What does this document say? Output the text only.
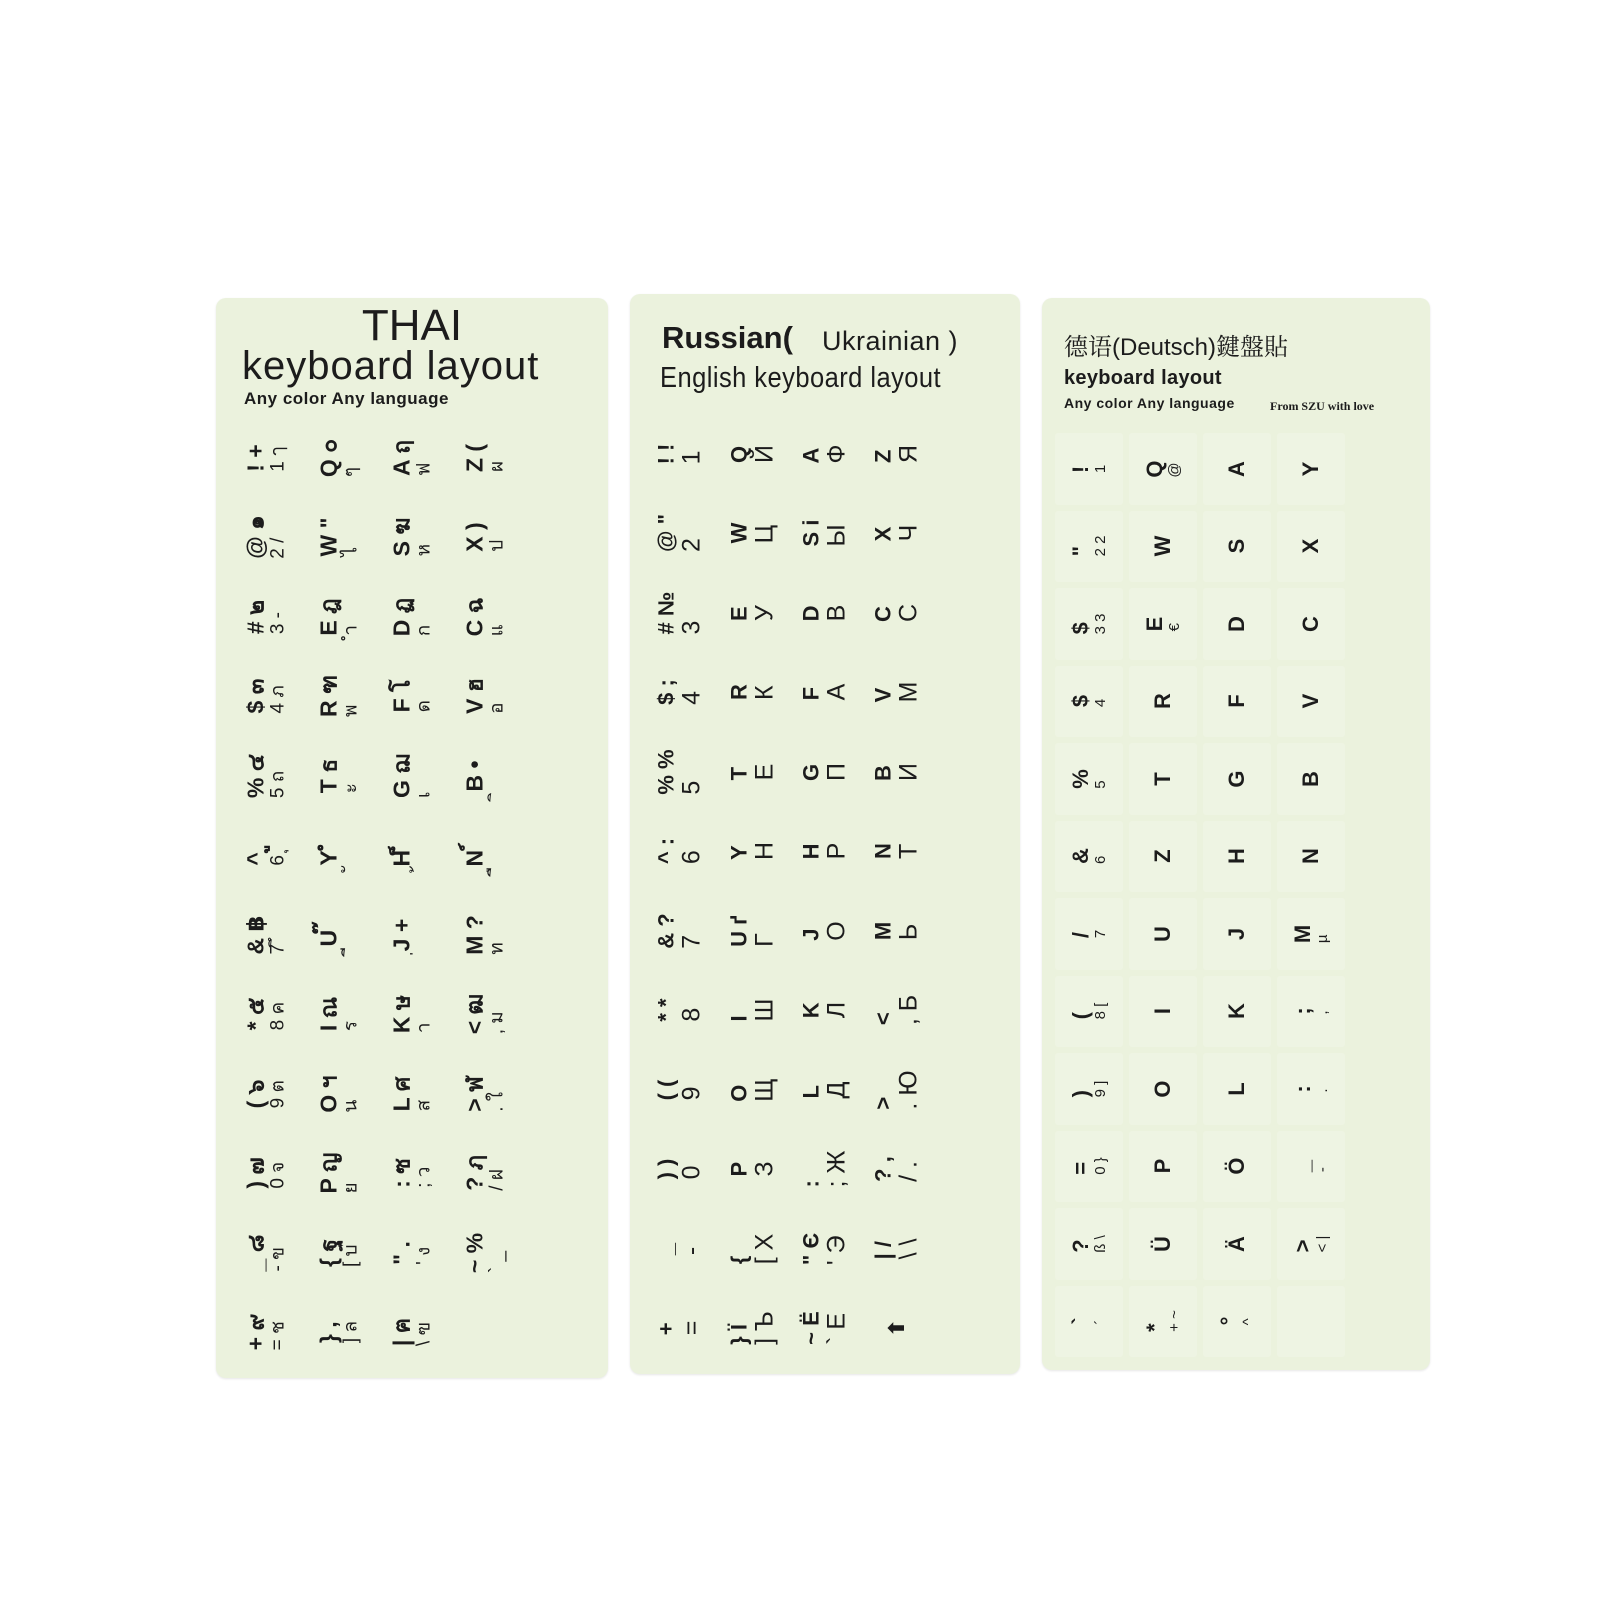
THAI
keyboard layout
Any color Any language
! +
1 ๅ
@ ๑
2 /
# ๒
3 -
$ ๓
4 ภ
% ๔
5 ถ
^ ู
6 ุ
& ฿
7 ึ
* ๕
8 ค
( ๖
9 ต
) ๗
0 จ
_ ๘
- ข
+ ๙
= ช
Q ๐
ๆ
W "
ไ
E ฎ
ำ
R ฑ
พ
T ธ
ะ
Y ํ
U ๊
I ณ
ร
O ฯ
น
P ญ
ย
{ ฐ
[ บ
} ,
] ล
A ฤ
ฟ
S ฆ
ห
D ฏ
ก
F โ
ด
G ฌ
เ
H ็
J +
K ษ
า
L ศ
ส
: ซ
; ว
" .
' ง
| ฅ
\ ฃ
Z (
ผ
X )
ป
C ฉ
แ
V ฮ
อ
B •
N ์
M ?
ท
< ฒ
, ม
> ฬ
. ใ
? ฦ
/ ฝ
~ %
` _
Russian( Ukrainian )
English keyboard layout
! !
1
@ "
2
# №
3
$ ;
4
% %
5
^ :
6
& ?
7
* *
8
( (
9
) )
0
_
-
+
=
Q
Й
W
Ц
E
У
R
К
T
Е
Y
Н
U ґ
Г
I
Ш
O
Щ
P
З
{
[ Х
} Ї
] Ъ
A
Ф
S і
Ы
D
В
F
А
G
П
H
Р
J
О
K
Л
L
Д
:
; Ж
" Є
' Э
~ Ё
` Е
Z
Я
X
Ч
C
С
V
М
B
И
N
Т
M
Ь
<
, Б
>
. Ю
? ,
/ .
| /
\ \
⬆
德语(Deutsch)鍵盤貼
keyboard layout
Any color Any language	From SZU with love
!
1
"
2 2
$
3 3
$
4
%
5
&
6
/
7
(
8 [
)
9 ]
=
0 }
?
ß \
`
´
Q
@
W
E
€
R
T
Z
U
I
O
P
Ü
*
+ ~
A
S
D
F
G
H
J
K
L
Ö
Ä
°
^
Y
X
C
V
B
N
M
µ
;
,
:
.
_
-
>
< |
